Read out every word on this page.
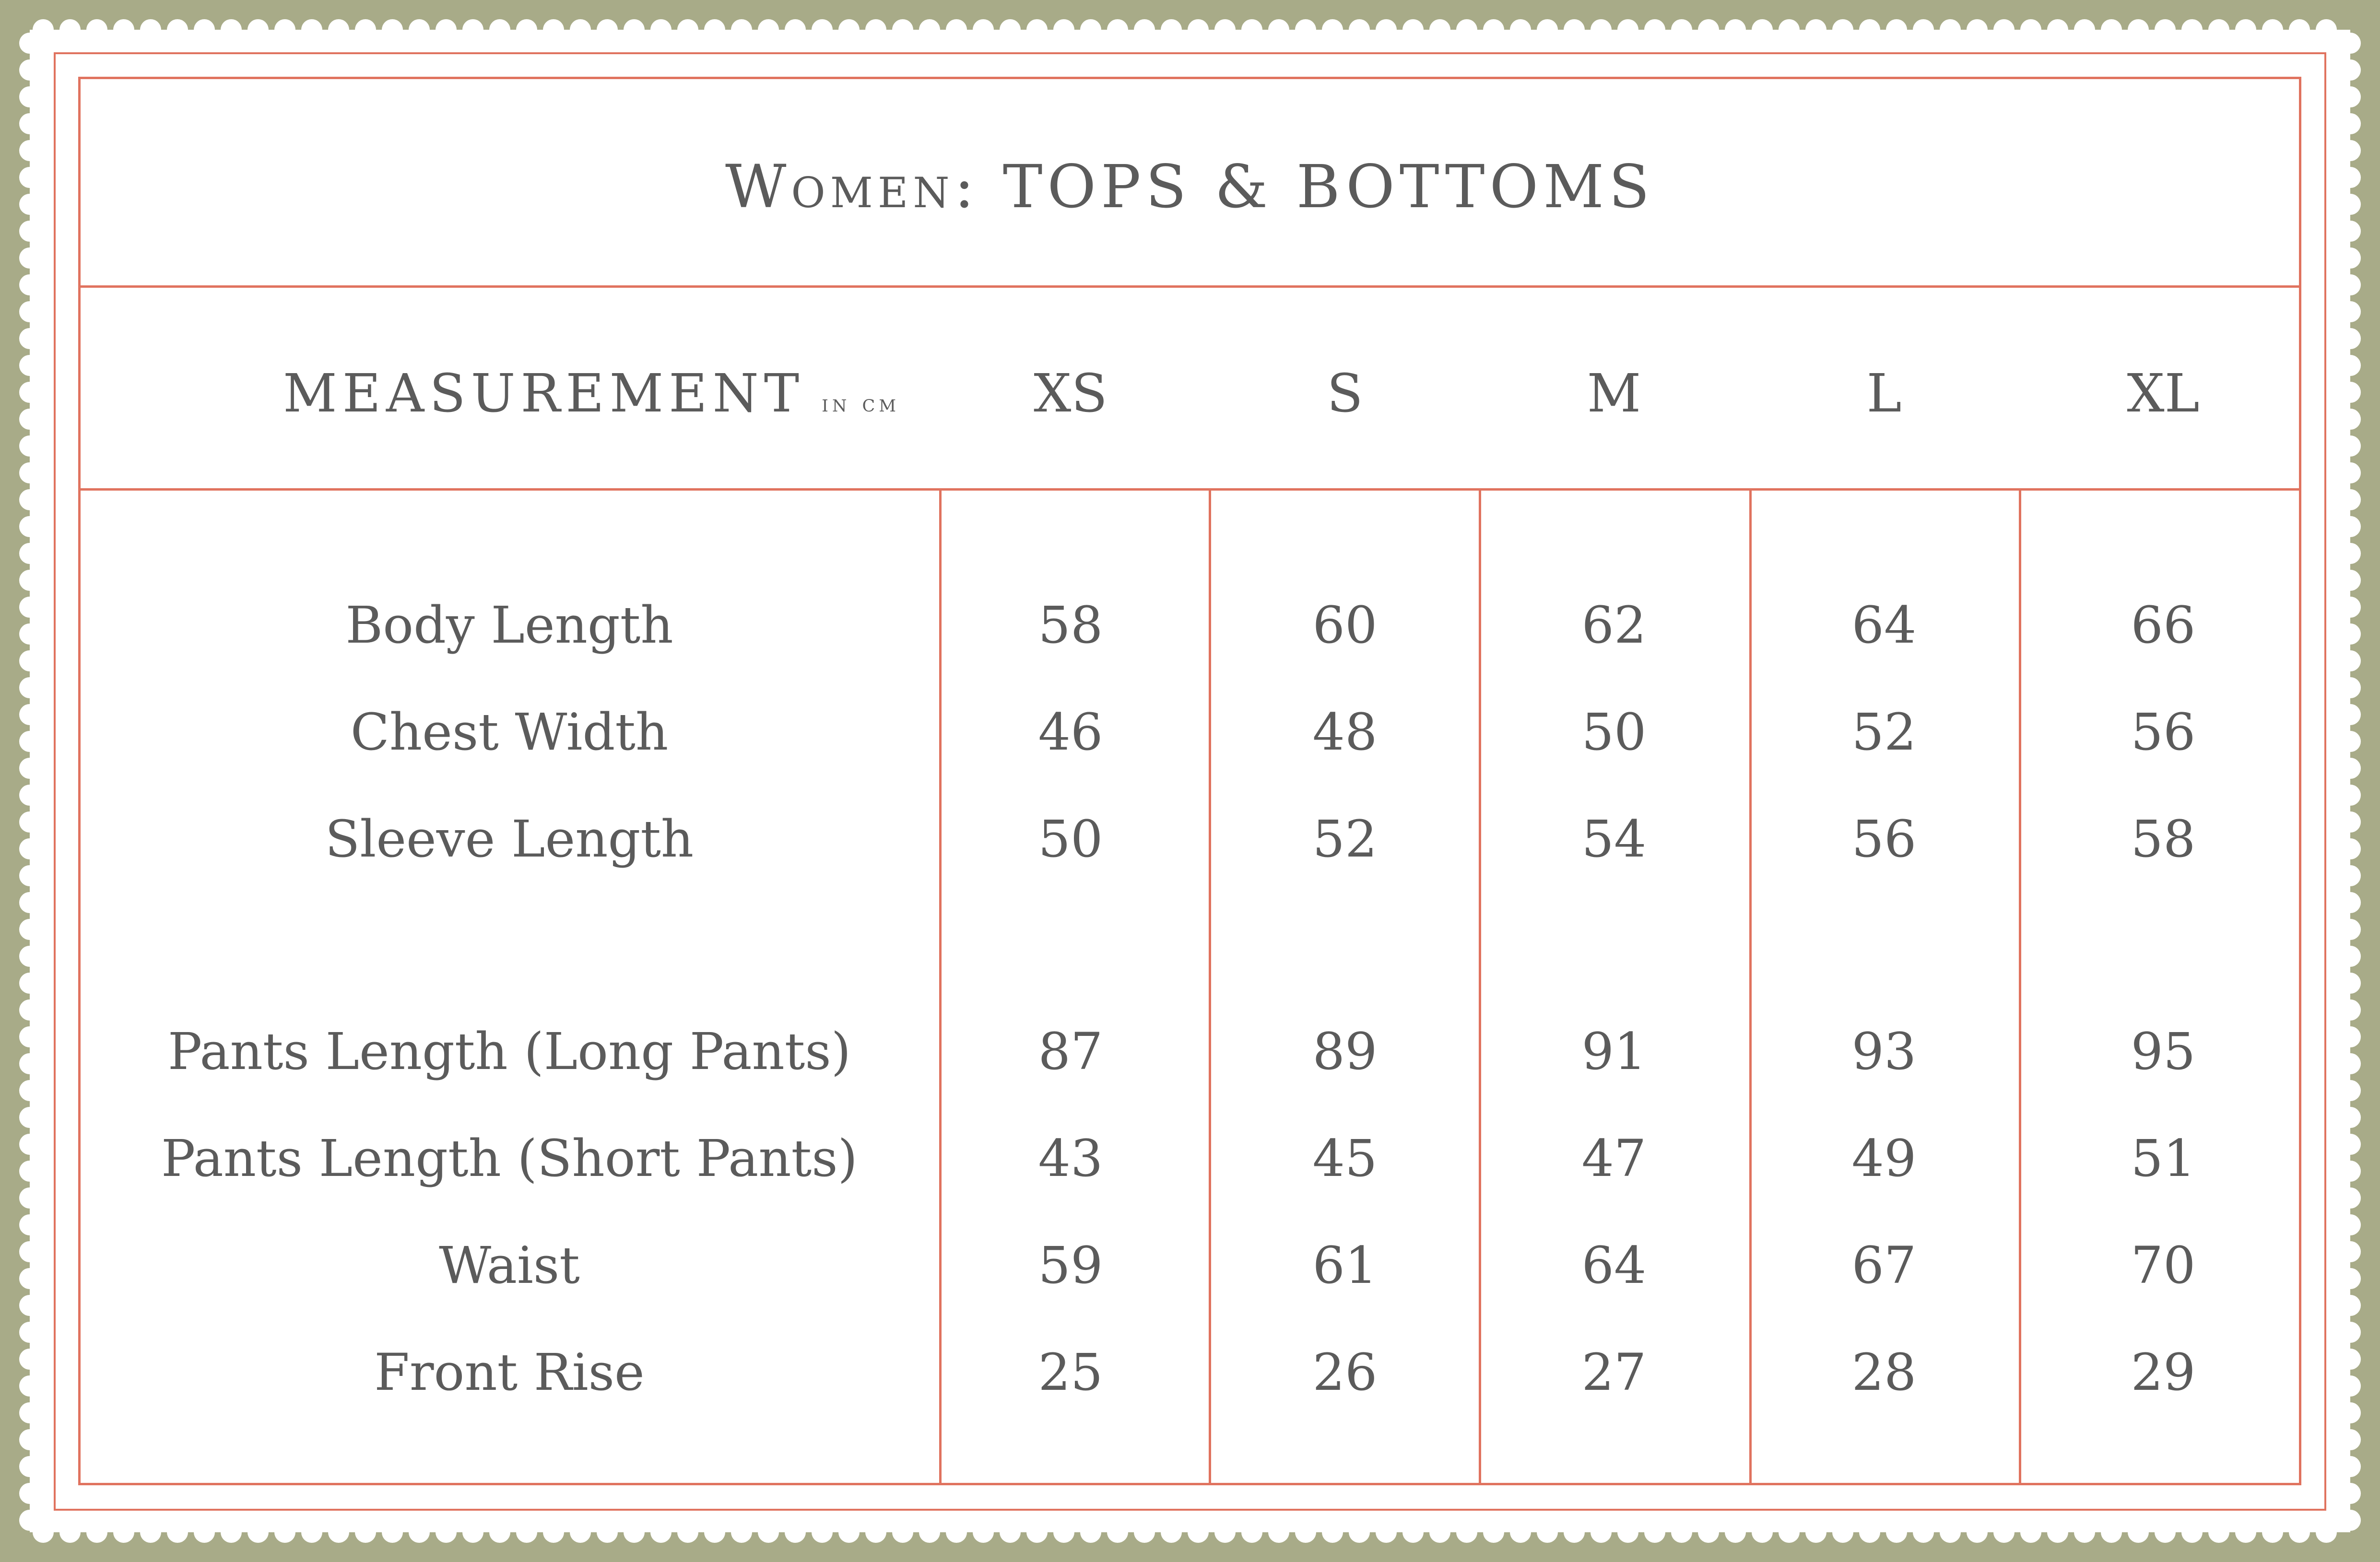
Women: TOPS & BOTTOMS
MEASUREMENT in cm	XS	S	M	L	XL
Body Length	58	60	62	64	66
Chest Width	46	48	50	52	56
Sleeve Length	50	52	54	56	58
Pants Length (Long Pants)	87	89	91	93	95
Pants Length (Short Pants)	43	45	47	49	51
Waist	59	61	64	67	70
Front Rise	25	26	27	28	29
